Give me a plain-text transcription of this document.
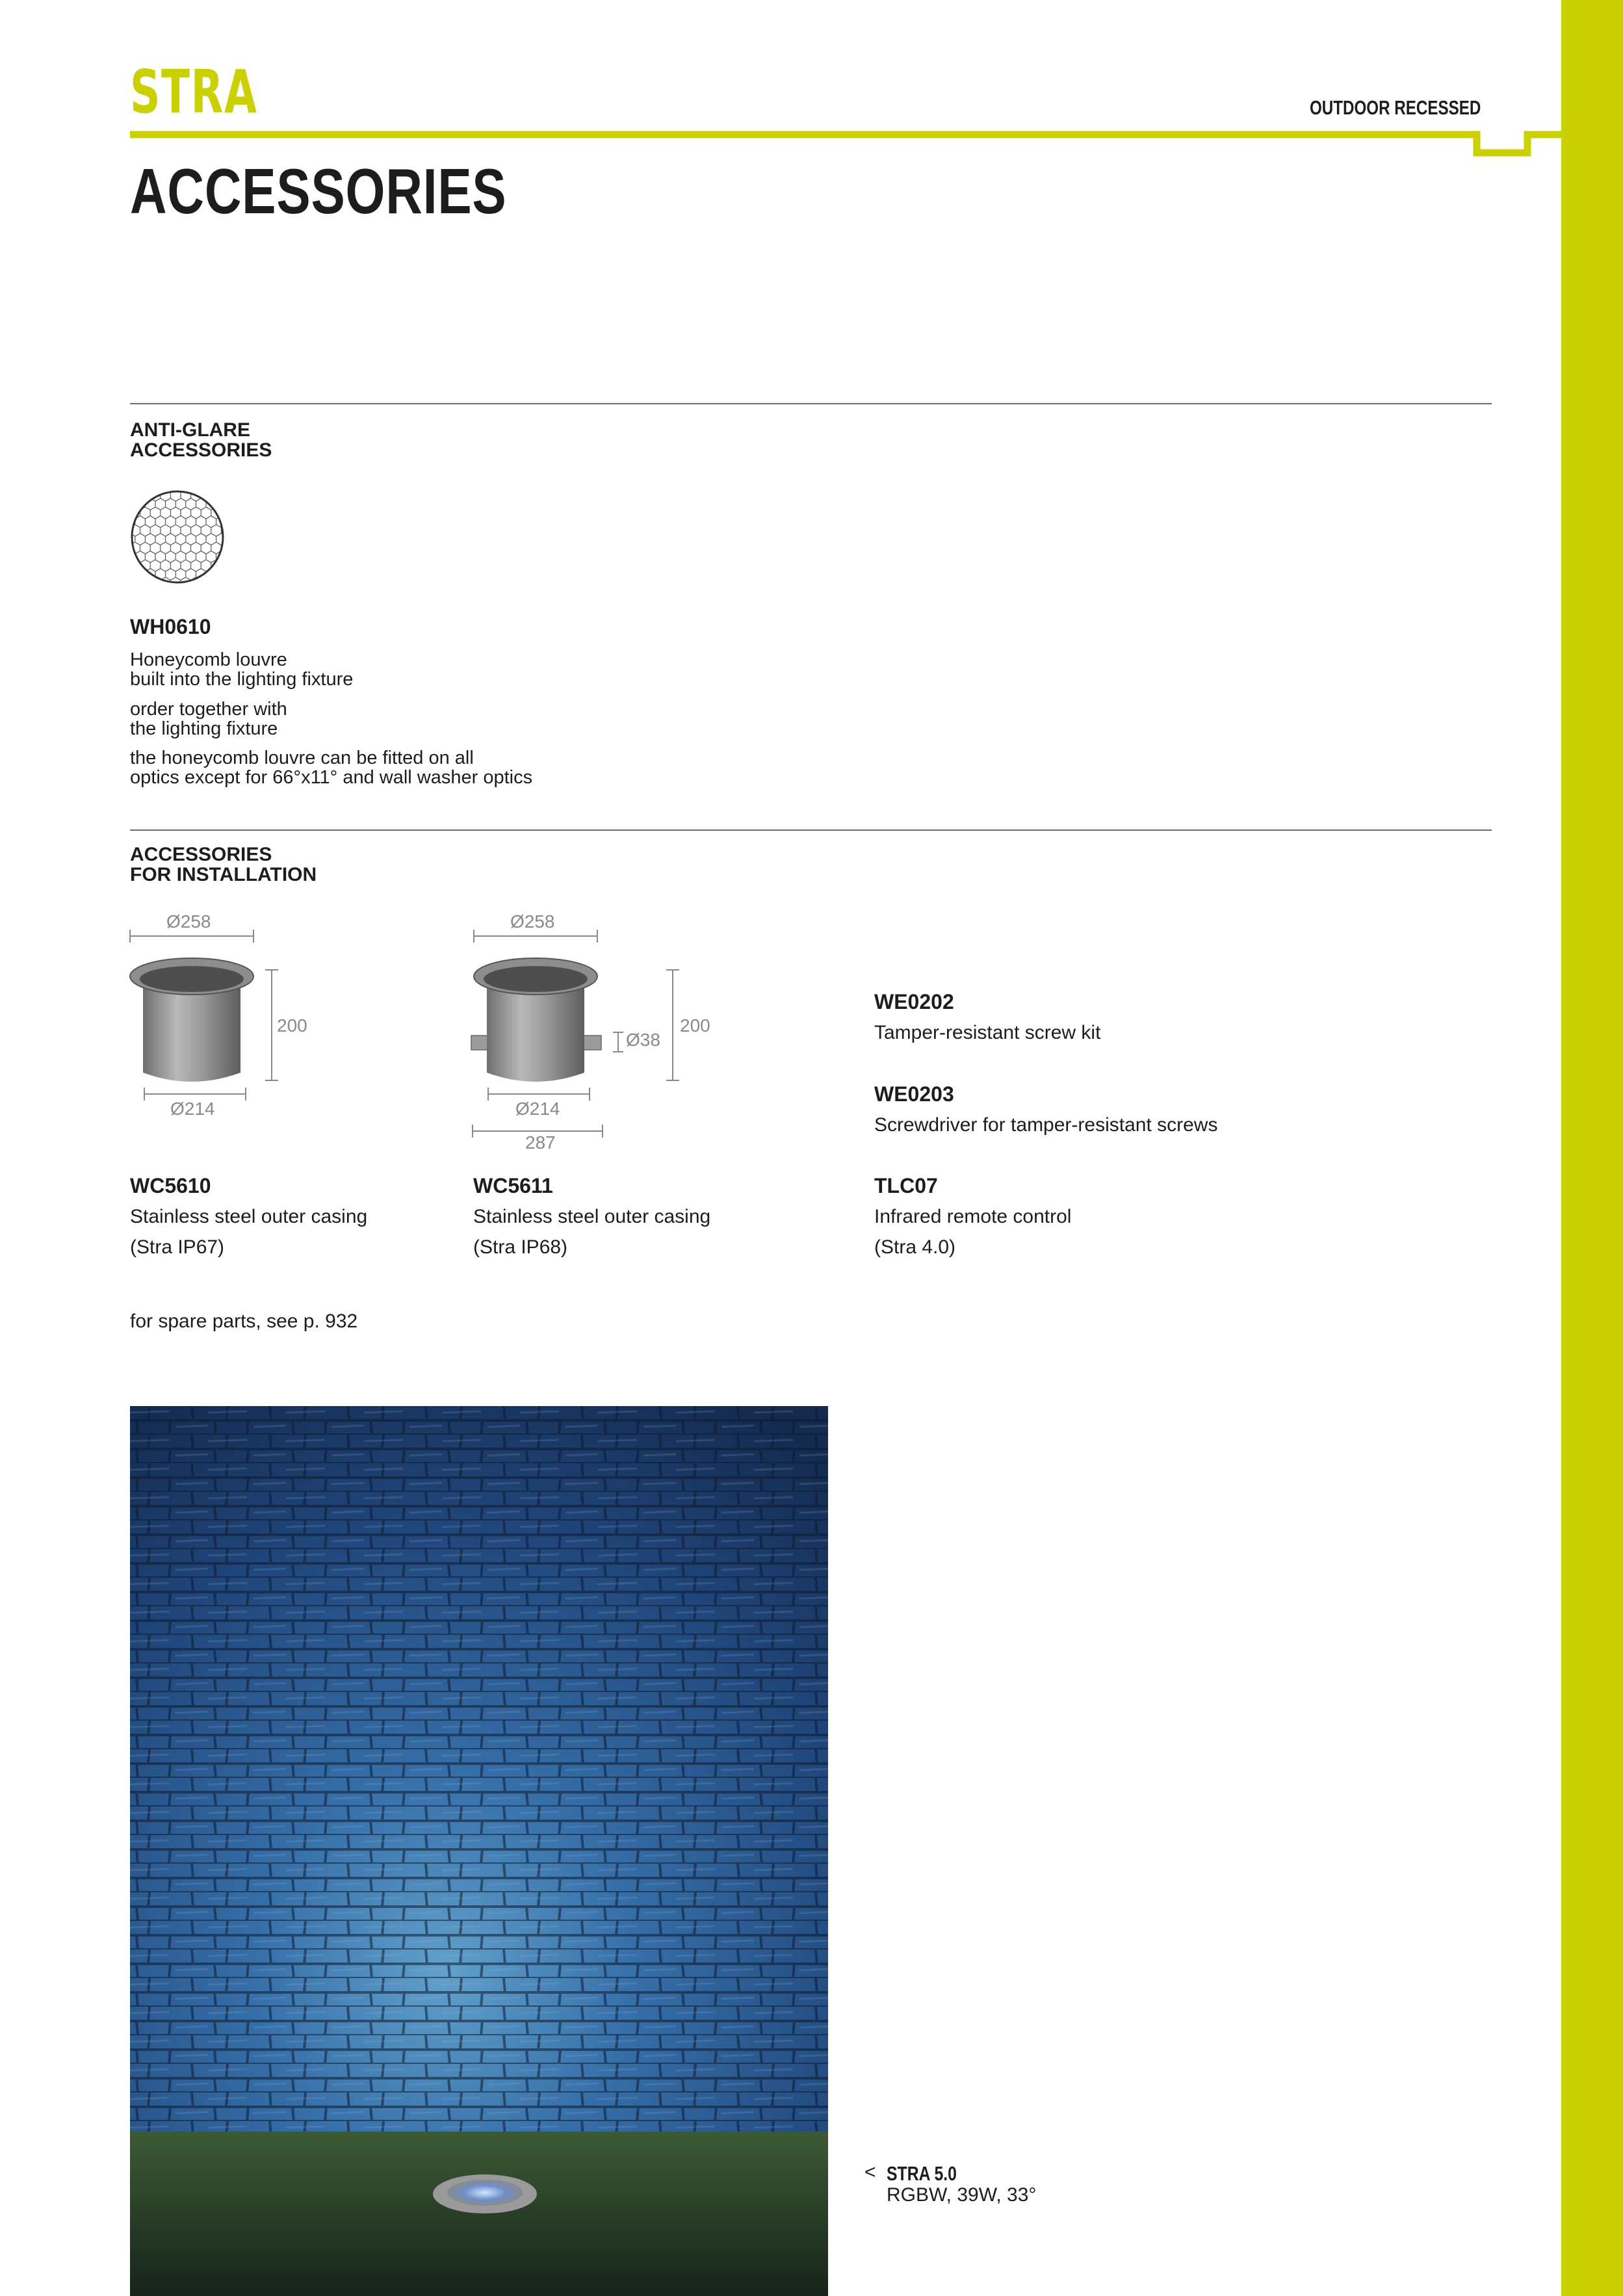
STRA	OUTDOOR RECESSED
ACCESSORIES
ANTI-GLARE
ACCESSORIES
WH0610
Honeycomb louvre
built into the lighting fixture
order together with
the lighting fixture
the honeycomb louvre can be fitted on all
optics except for 66°x11° and wall washer optics
ACCESSORIES
FOR INSTALLATION
Ø258
200
Ø214
Ø258
200
Ø38
Ø214
287
WC5610
Stainless steel outer casing
(Stra IP67)
WC5611
Stainless steel outer casing
(Stra IP68)
WE0202
Tamper-resistant screw kit
WE0203
Screwdriver for tamper-resistant screws
TLC07
Infrared remote control
(Stra 4.0)
for spare parts, see p. 932
< STRA 5.0
RGBW, 39W, 33°
